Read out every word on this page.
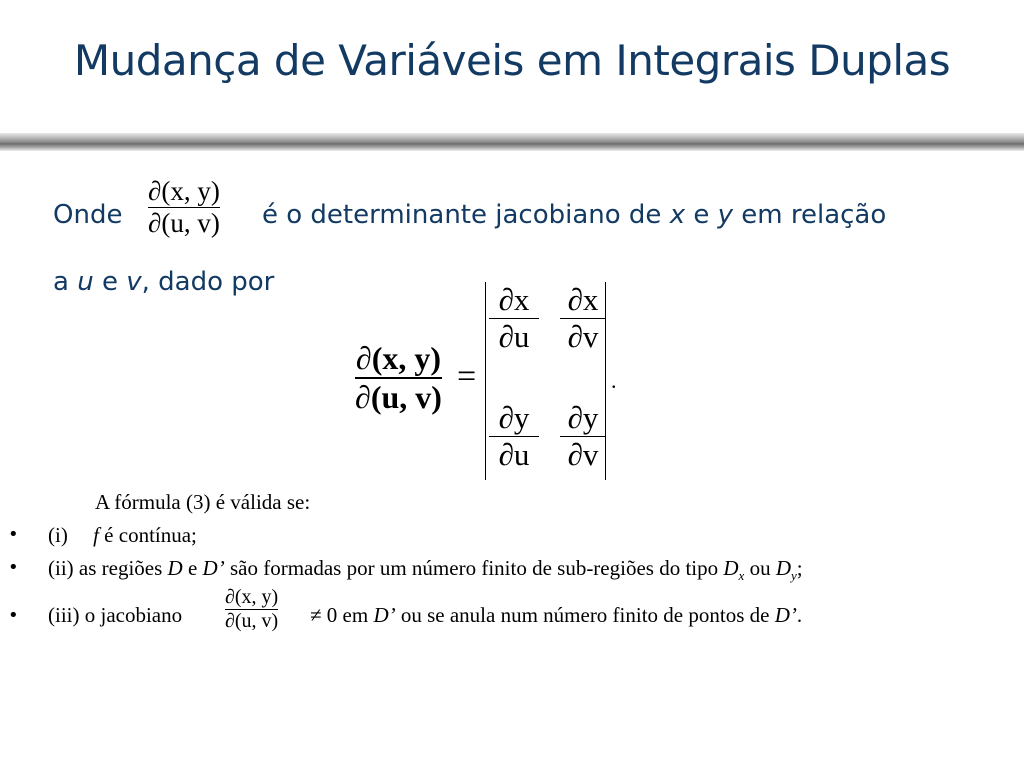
Mudança de Variáveis em Integrais Duplas
Onde
∂(x, y)
∂(u, v) é o determinante jacobiano de x e y em relação
a u e v, dado por
∂(x, y)
∂(u, v)
=
∂x
∂u
∂x
∂v
∂y
∂u
∂y
∂v
.
A fórmula (3) é válida se:
• (i) f é contínua;
• (ii) as regiões D e D’ são formadas por um número finito de sub-regiões do tipo $D_x$ ou $D_y$;
• (iii) o jacobiano
∂(x, y)
∂(u, v) ≠ 0 em D’ ou se anula num número finito de pontos de D’.
